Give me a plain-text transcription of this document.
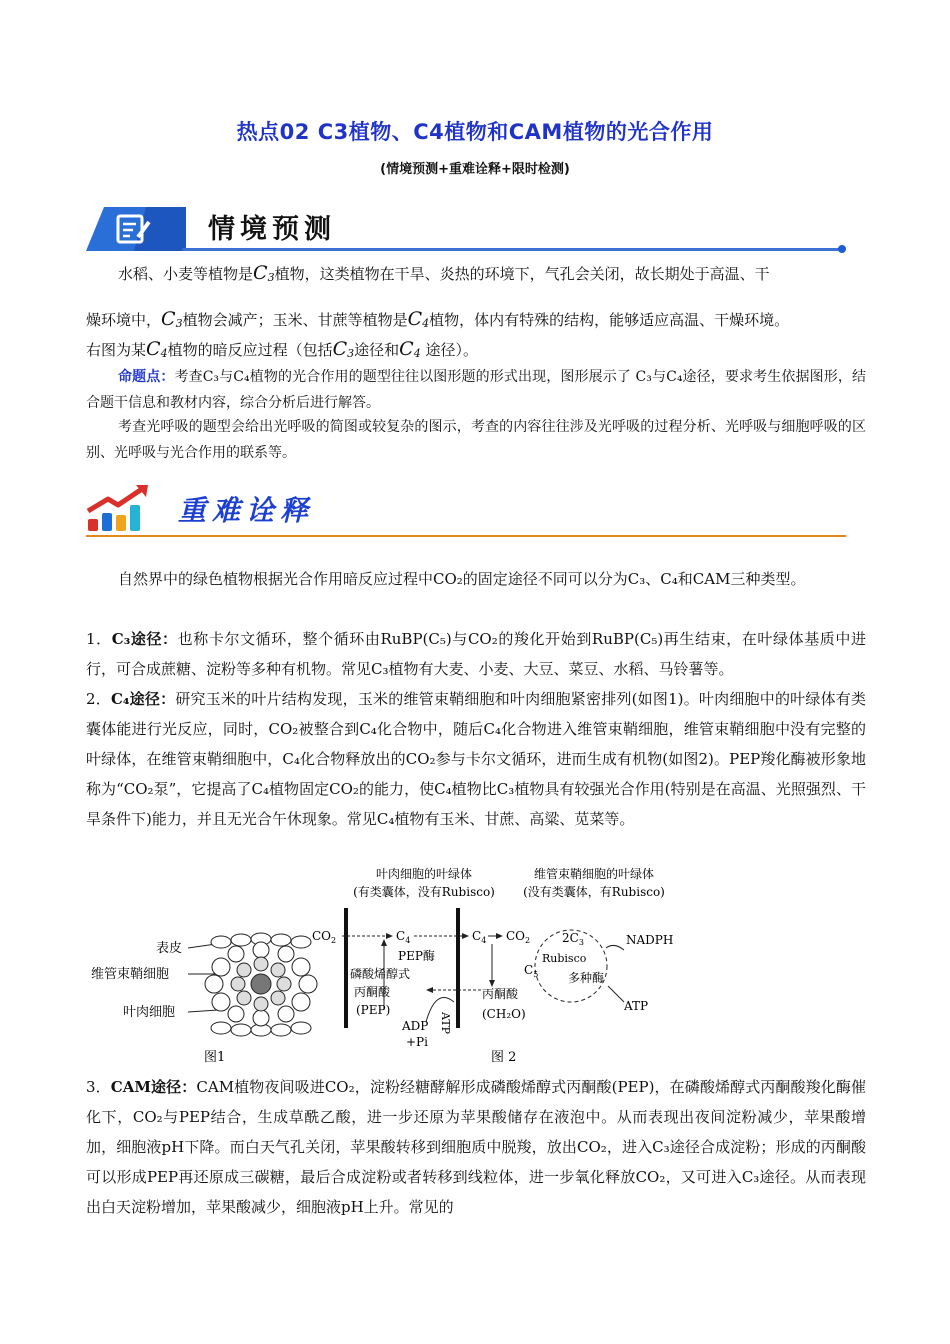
热点02 C3植物、C4植物和CAM植物的光合作用
(情境预测+重难诠释+限时检测)
情境预测
水稻、小麦等植物是$C_3$植物，这类植物在干旱、炎热的环境下，气孔会关闭，故长期处于高温、干
燥环境中，$C_3$植物会减产；玉米、甘蔗等植物是$C_4$植物，体内有特殊的结构，能够适应高温、干燥环境。
右图为某$C_4$植物的暗反应过程（包括$C_3$途径和$C_4$ 途径）。
命题点：考查C₃与C₄植物的光合作用的题型往往以图形题的形式出现，图形展示了 C₃与C₄途径，要求考生依据图形，结合题干信息和教材内容，综合分析后进行解答。
考查光呼吸的题型会给出光呼吸的简图或较复杂的图示，考查的内容往往涉及光呼吸的过程分析、光呼吸与细胞呼吸的区别、光呼吸与光合作用的联系等。
重难诠释
自然界中的绿色植物根据光合作用暗反应过程中CO₂的固定途径不同可以分为C₃、C₄和CAM三种类型。
1．C₃途径：也称卡尔文循环，整个循环由RuBP(C₅)与CO₂的羧化开始到RuBP(C₅)再生结束，在叶绿体基质中进行，可合成蔗糖、淀粉等多种有机物。常见C₃植物有大麦、小麦、大豆、菜豆、水稻、马铃薯等。
2．C₄途径：研究玉米的叶片结构发现，玉米的维管束鞘细胞和叶肉细胞紧密排列(如图1)。叶肉细胞中的叶绿体有类囊体能进行光反应，同时，CO₂被整合到C₄化合物中，随后C₄化合物进入维管束鞘细胞，维管束鞘细胞中没有完整的叶绿体，在维管束鞘细胞中，C₄化合物释放出的CO₂参与卡尔文循环，进而生成有机物(如图2)。PEP羧化酶被形象地称为“CO₂泵”，它提高了C₄植物固定CO₂的能力，使C₄植物比C₃植物具有较强光合作用(特别是在高温、光照强烈、干旱条件下)能力，并且无光合午休现象。常见C₄植物有玉米、甘蔗、高粱、苋菜等。
表皮
维管束鞘细胞
叶肉细胞
图1
叶肉细胞的叶绿体
(有类囊体，没有Rubisco)
维管束鞘细胞的叶绿体
(没有类囊体，有Rubisco)
$CO_2$	$C_4$	$C_4$ $CO_2$
PEP酶
磷酸烯醇式
丙酮酸
(PEP)
ADP
+Pi
ATP
丙酮酸
(CH₂O)
$2C_3$	NADPH
Rubisco
$C_5$ 多种酶
ATP
图 2
3．CAM途径：CAM植物夜间吸进CO₂，淀粉经糖酵解形成磷酸烯醇式丙酮酸(PEP)，在磷酸烯醇式丙酮酸羧化酶催化下，CO₂与PEP结合，生成草酰乙酸，进一步还原为苹果酸储存在液泡中。从而表现出夜间淀粉减少，苹果酸增加，细胞液pH下降。而白天气孔关闭，苹果酸转移到细胞质中脱羧，放出CO₂，进入C₃途径合成淀粉；形成的丙酮酸可以形成PEP再还原成三碳糖，最后合成淀粉或者转移到线粒体，进一步氧化释放CO₂，又可进入C₃途径。从而表现出白天淀粉增加，苹果酸减少，细胞液pH上升。常见的
